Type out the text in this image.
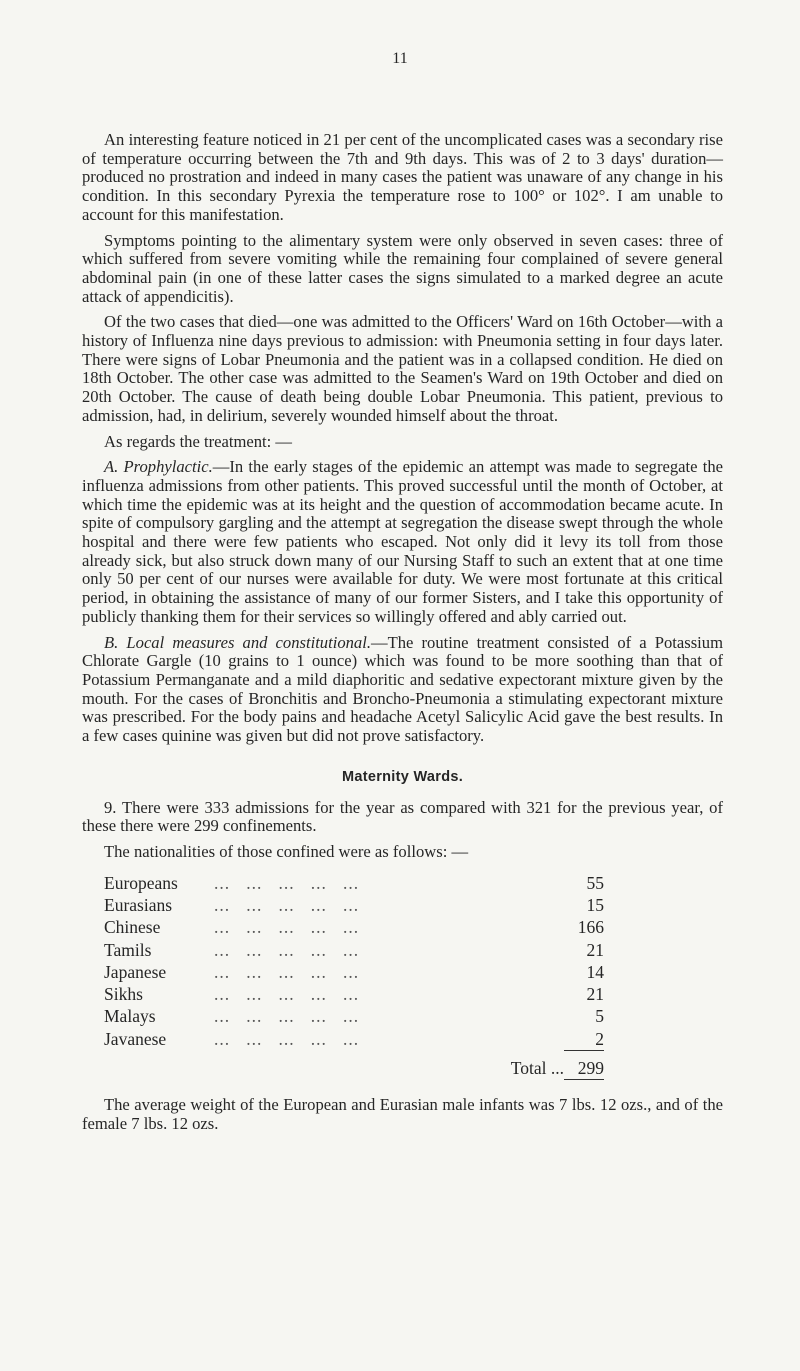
11

An interesting feature noticed in 21 per cent of the uncomplicated cases was a secondary rise of temperature occurring between the 7th and 9th days. This was of 2 to 3 days' duration—produced no prostration and indeed in many cases the patient was unaware of any change in his condition. In this secondary Pyrexia the temperature rose to 100° or 102°. I am unable to account for this manifestation.

Symptoms pointing to the alimentary system were only observed in seven cases: three of which suffered from severe vomiting while the remaining four complained of severe general abdominal pain (in one of these latter cases the signs simulated to a marked degree an acute attack of appendicitis).

Of the two cases that died—one was admitted to the Officers' Ward on 16th October—with a history of Influenza nine days previous to admission: with Pneumonia setting in four days later. There were signs of Lobar Pneumonia and the patient was in a collapsed condition. He died on 18th October. The other case was admitted to the Seamen's Ward on 19th October and died on 20th October. The cause of death being double Lobar Pneumonia. This patient, previous to admission, had, in delirium, severely wounded himself about the throat.

As regards the treatment: —

A. Prophylactic.—In the early stages of the epidemic an attempt was made to segregate the influenza admissions from other patients. This proved successful until the month of October, at which time the epidemic was at its height and the question of accommodation became acute. In spite of compulsory gargling and the attempt at segregation the disease swept through the whole hospital and there were few patients who escaped. Not only did it levy its toll from those already sick, but also struck down many of our Nursing Staff to such an extent that at one time only 50 per cent of our nurses were available for duty. We were most fortunate at this critical period, in obtaining the assistance of many of our former Sisters, and I take this opportunity of publicly thanking them for their services so willingly offered and ably carried out.

B. Local measures and constitutional.—The routine treatment consisted of a Potassium Chlorate Gargle (10 grains to 1 ounce) which was found to be more soothing than that of Potassium Permanganate and a mild diaphoritic and sedative expectorant mixture given by the mouth. For the cases of Bronchitis and Broncho-Pneumonia a stimulating expectorant mixture was prescribed. For the body pains and headache Acetyl Salicylic Acid gave the best results. In a few cases quinine was given but did not prove satisfactory.

Maternity Wards.

9. There were 333 admissions for the year as compared with 321 for the previous year, of these there were 299 confinements.

The nationalities of those confined were as follows: —

Europeans	...   ...   ...   ...   ...	55
Eurasians	...   ...   ...   ...   ...	15
Chinese	...   ...   ...   ...   ...	166
Tamils	...   ...   ...   ...   ...	21
Japanese	...   ...   ...   ...   ...	14
Sikhs	...   ...   ...   ...   ...	21
Malays	...   ...   ...   ...   ...	5
Javanese	...   ...   ...   ...   ...	2

	Total ...	299

The average weight of the European and Eurasian male infants was 7 lbs. 12 ozs., and of the female 7 lbs. 12 ozs.
